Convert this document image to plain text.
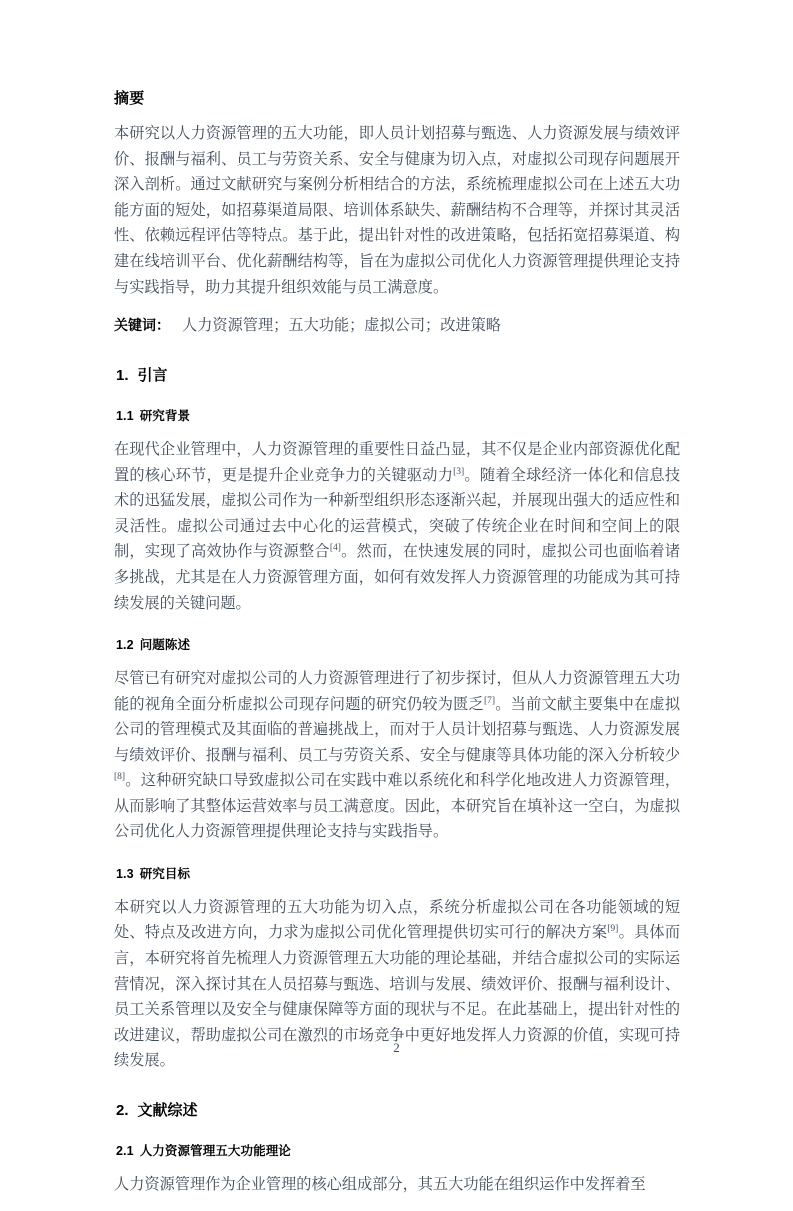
摘要

本研究以人力资源管理的五大功能，即人员计划招募与甄选、人力资源发展与绩效评价、报酬与福利、员工与劳资关系、安全与健康为切入点，对虚拟公司现存问题展开深入剖析。通过文献研究与案例分析相结合的方法，系统梳理虚拟公司在上述五大功能方面的短处，如招募渠道局限、培训体系缺失、薪酬结构不合理等，并探讨其灵活性、依赖远程评估等特点。基于此，提出针对性的改进策略，包括拓宽招募渠道、构建在线培训平台、优化薪酬结构等，旨在为虚拟公司优化人力资源管理提供理论支持与实践指导，助力其提升组织效能与员工满意度。

关键词： 人力资源管理；五大功能；虚拟公司；改进策略
1. 引言
1.1 研究背景

在现代企业管理中，人力资源管理的重要性日益凸显，其不仅是企业内部资源优化配置的核心环节，更是提升企业竞争力的关键驱动力[3]。随着全球经济一体化和信息技术的迅猛发展，虚拟公司作为一种新型组织形态逐渐兴起，并展现出强大的适应性和灵活性。虚拟公司通过去中心化的运营模式，突破了传统企业在时间和空间上的限制，实现了高效协作与资源整合[4]。然而，在快速发展的同时，虚拟公司也面临着诸多挑战，尤其是在人力资源管理方面，如何有效发挥人力资源管理的功能成为其可持续发展的关键问题。

1.2 问题陈述

尽管已有研究对虚拟公司的人力资源管理进行了初步探讨，但从人力资源管理五大功能的视角全面分析虚拟公司现存问题的研究仍较为匮乏[7]。当前文献主要集中在虚拟公司的管理模式及其面临的普遍挑战上，而对于人员计划招募与甄选、人力资源发展与绩效评价、报酬与福利、员工与劳资关系、安全与健康等具体功能的深入分析较少[8]。这种研究缺口导致虚拟公司在实践中难以系统化和科学化地改进人力资源管理，从而影响了其整体运营效率与员工满意度。因此，本研究旨在填补这一空白，为虚拟公司优化人力资源管理提供理论支持与实践指导。

1.3 研究目标

本研究以人力资源管理的五大功能为切入点，系统分析虚拟公司在各功能领域的短处、特点及改进方向，力求为虚拟公司优化管理提供切实可行的解决方案[9]。具体而言，本研究将首先梳理人力资源管理五大功能的理论基础，并结合虚拟公司的实际运营情况，深入探讨其在人员招募与甄选、培训与发展、绩效评价、报酬与福利设计、员工关系管理以及安全与健康保障等方面的现状与不足。在此基础上，提出针对性的改进建议，帮助虚拟公司在激烈的市场竞争中更好地发挥人力资源的价值，实现可持续发展。

2. 文献综述
2.1 人力资源管理五大功能理论

人力资源管理作为企业管理的核心组成部分，其五大功能在组织运作中发挥着至

2
